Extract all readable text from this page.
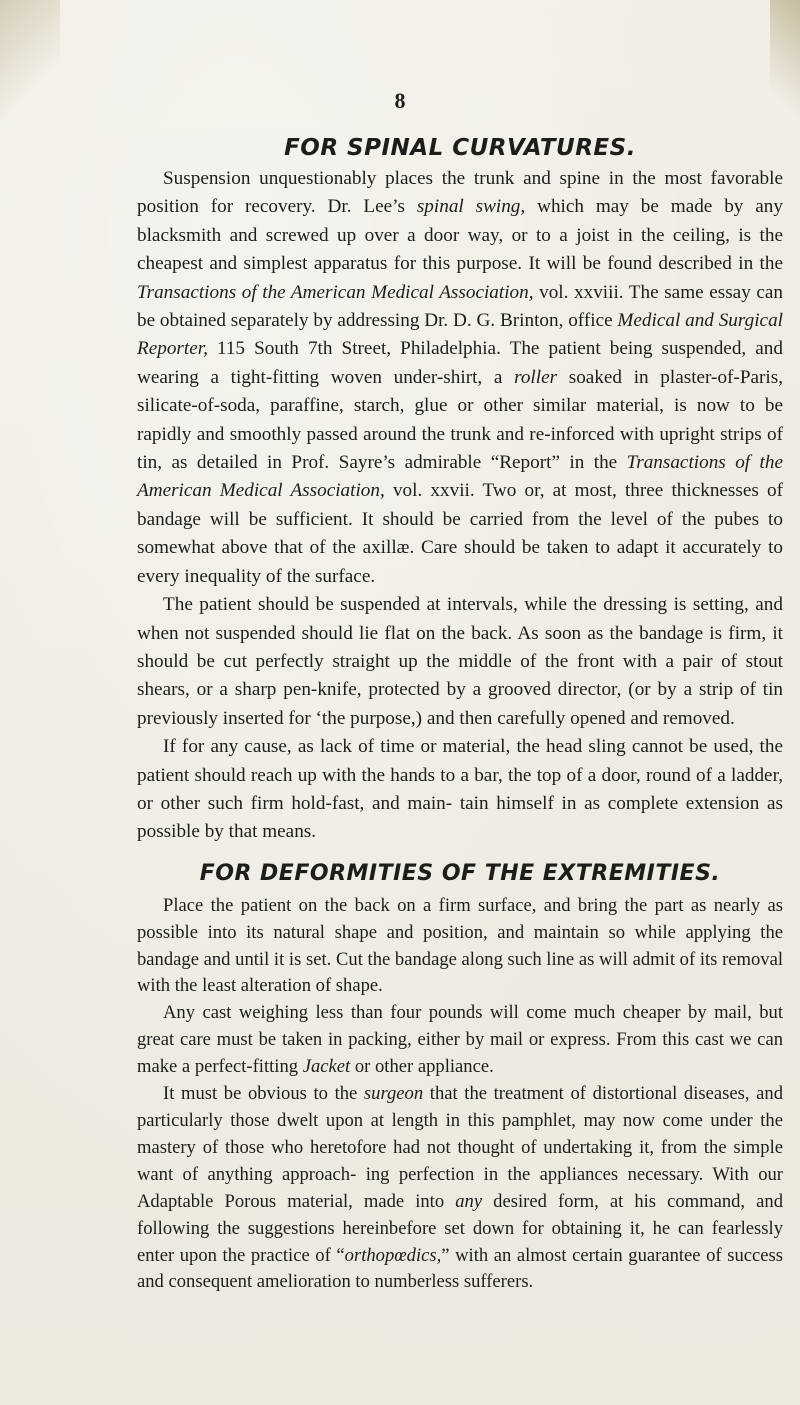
8
FOR SPINAL CURVATURES.

Suspension unquestionably places the trunk and spine in the most favorable position for recovery. Dr. Lee’s spinal swing, which may be made by any blacksmith and screwed up over a door way, or to a joist in the ceiling, is the cheapest and simplest apparatus for this purpose. It will be found described in the Transactions of the American Medical Association, vol. xxviii. The same essay can be obtained separately by addressing Dr. D. G. Brinton, office Medical and Surgical Reporter, 115 South 7th Street, Philadelphia. The patient being suspended, and wearing a tight-fitting woven under-shirt, a roller soaked in plaster-of-Paris, silicate-of-soda, paraffine, starch, glue or other similar material, is now to be rapidly and smoothly passed around the trunk and re-inforced with upright strips of tin, as detailed in Prof. Sayre’s admirable “Report” in the Transactions of the American Medical Association, vol. xxvii. Two or, at most, three thicknesses of bandage will be sufficient. It should be carried from the level of the pubes to somewhat above that of the axillæ. Care should be taken to adapt it accurately to every inequality of the surface.

The patient should be suspended at intervals, while the dressing is setting, and when not suspended should lie flat on the back. As soon as the bandage is firm, it should be cut perfectly straight up the middle of the front with a pair of stout shears, or a sharp pen-knife, protected by a grooved director, (or by a strip of tin previously inserted for ‘the purpose,) and then carefully opened and removed.

If for any cause, as lack of time or material, the head sling cannot be used, the patient should reach up with the hands to a bar, the top of a door, round of a ladder, or other such firm hold-fast, and main- tain himself in as complete extension as possible by that means.

FOR DEFORMITIES OF THE EXTREMITIES.

Place the patient on the back on a firm surface, and bring the part as nearly as possible into its natural shape and position, and maintain so while applying the bandage and until it is set. Cut the bandage along such line as will admit of its removal with the least alteration of shape.

Any cast weighing less than four pounds will come much cheaper by mail, but great care must be taken in packing, either by mail or express. From this cast we can make a perfect-fitting Jacket or other appliance.

It must be obvious to the surgeon that the treatment of distortional diseases, and particularly those dwelt upon at length in this pamphlet, may now come under the mastery of those who heretofore had not thought of undertaking it, from the simple want of anything approach- ing perfection in the appliances necessary. With our Adaptable Porous material, made into any desired form, at his command, and following the suggestions hereinbefore set down for obtaining it, he can fearlessly enter upon the practice of “orthopœdics,” with an almost certain guarantee of success and consequent amelioration to numberless sufferers.
